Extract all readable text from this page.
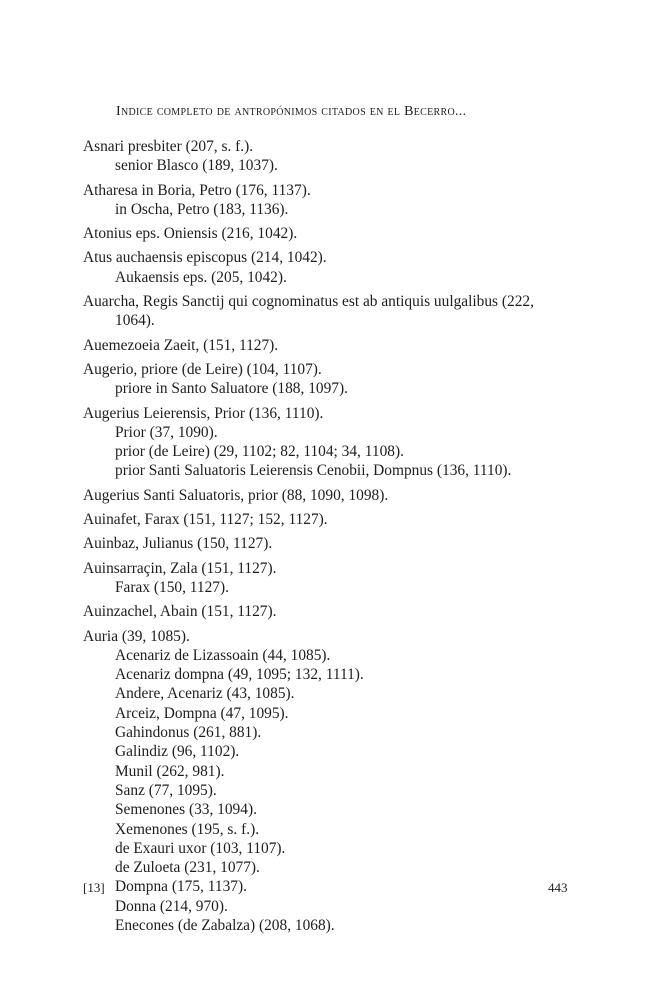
Indice completo de antropónimos citados en el Becerro...
Asnari presbiter (207, s. f.).
senior Blasco (189, 1037).
Atharesa in Boria, Petro (176, 1137).
in Oscha, Petro (183, 1136).
Atonius eps. Oniensis (216, 1042).
Atus auchaensis episcopus (214, 1042).
Aukaensis eps. (205, 1042).
Auarcha, Regis Sanctij qui cognominatus est ab antiquis uulgalibus (222,
1064).
Auemezoeia Zaeit, (151, 1127).
Augerio, priore (de Leire) (104, 1107).
priore in Santo Saluatore (188, 1097).
Augerius Leierensis, Prior (136, 1110).
Prior (37, 1090).
prior (de Leire) (29, 1102; 82, 1104; 34, 1108).
prior Santi Saluatoris Leierensis Cenobii, Dompnus (136, 1110).
Augerius Santi Saluatoris, prior (88, 1090, 1098).
Auinafet, Farax (151, 1127; 152, 1127).
Auinbaz, Julianus (150, 1127).
Auinsarraçin, Zala (151, 1127).
Farax (150, 1127).
Auinzachel, Abain (151, 1127).
Auria (39, 1085).
Acenariz de Lizassoain (44, 1085).
Acenariz dompna (49, 1095; 132, 1111).
Andere, Acenariz (43, 1085).
Arceiz, Dompna (47, 1095).
Gahindonus (261, 881).
Galindiz (96, 1102).
Munil (262, 981).
Sanz (77, 1095).
Semenones (33, 1094).
Xemenones (195, s. f.).
de Exauri uxor (103, 1107).
de Zuloeta (231, 1077).
Dompna (175, 1137).
Donna (214, 970).
Enecones (de Zabalza) (208, 1068).
[13]	443
